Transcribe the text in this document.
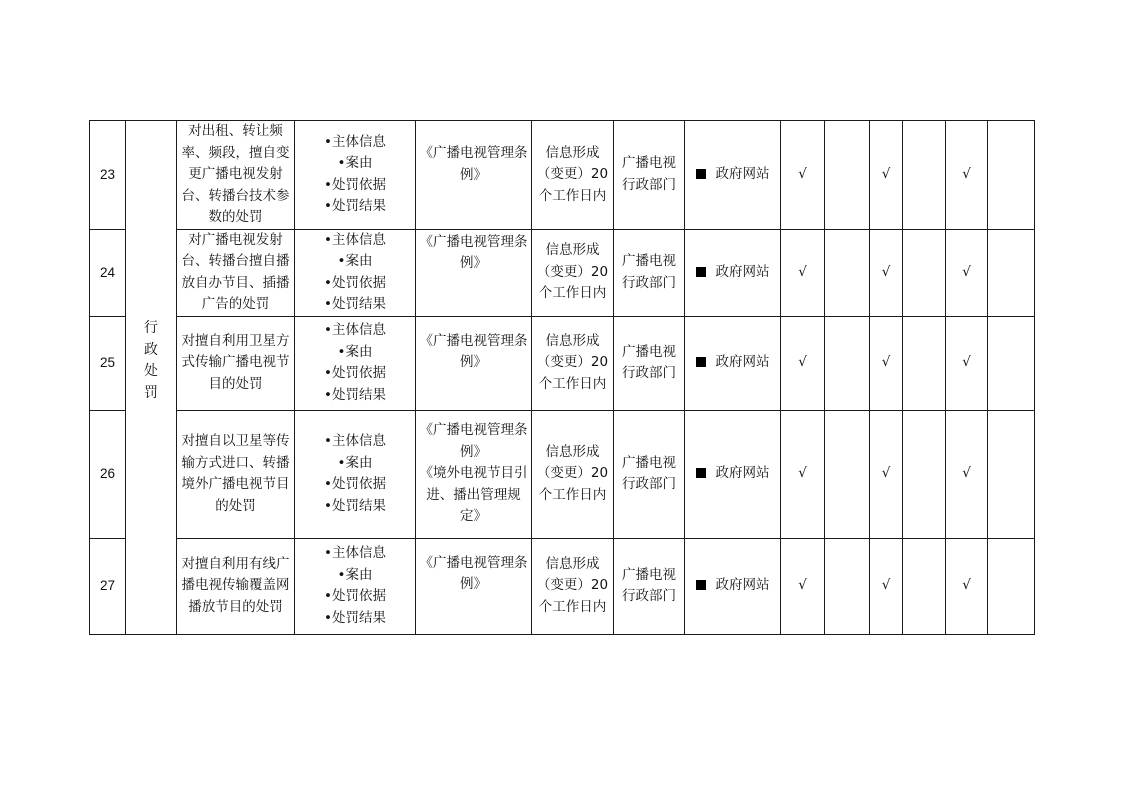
23	行
政
处
罚	对出租、转让频率、频段，擅自变更广播电视发射台、转播台技术参数的处罚	•主体信息
•案由
•处罚依据
•处罚结果	《广播电视管理条例》	信息形成（变更）20个工作日内	广播电视行政部门	政府网站	√		√		√	
24		对广播电视发射台、转播台擅自播放自办节目、插播广告的处罚	•主体信息
•案由
•处罚依据
•处罚结果	《广播电视管理条例》	信息形成（变更）20个工作日内	广播电视行政部门	政府网站	√		√		√	
25		对擅自利用卫星方式传输广播电视节目的处罚	•主体信息
•案由
•处罚依据
•处罚结果	《广播电视管理条例》	信息形成（变更）20个工作日内	广播电视行政部门	政府网站	√		√		√	
26		对擅自以卫星等传输方式进口、转播境外广播电视节目的处罚	•主体信息
•案由
•处罚依据
•处罚结果	《广播电视管理条例》 《境外电视节目引进、播出管理规定》	信息形成（变更）20个工作日内	广播电视行政部门	政府网站	√		√		√	
27		对擅自利用有线广播电视传输覆盖网播放节目的处罚	•主体信息
•案由
•处罚依据
•处罚结果	《广播电视管理条例》	信息形成（变更）20个工作日内	广播电视行政部门	政府网站	√		√		√	
